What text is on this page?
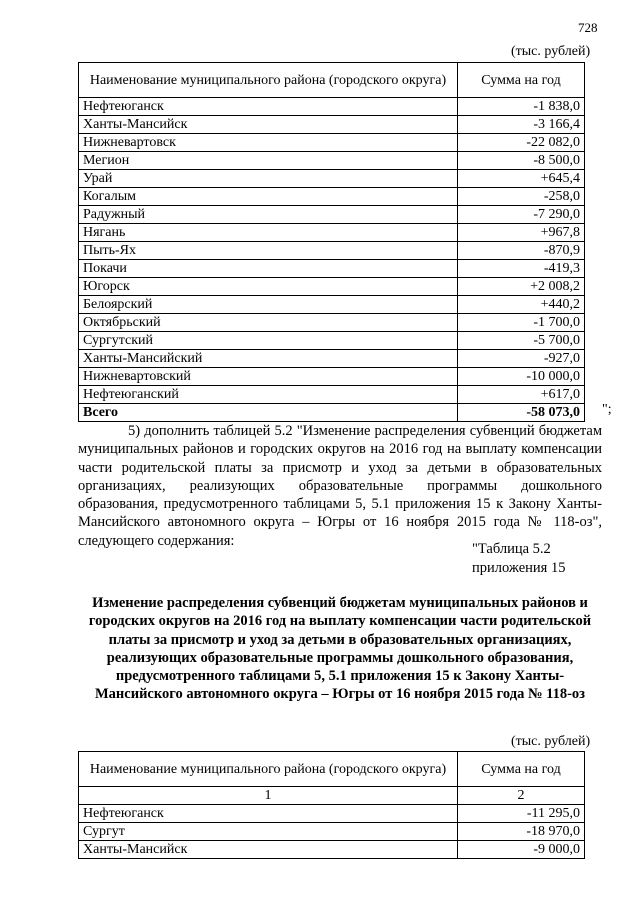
728
(тыс. рублей)
Наименование муниципального района (городского округа)	Сумма на год
Нефтеюганск	-1 838,0
Ханты-Мансийск	-3 166,4
Нижневартовск	-22 082,0
Мегион	-8 500,0
Урай	+645,4
Когалым	-258,0
Радужный	-7 290,0
Нягань	+967,8
Пыть-Ях	-870,9
Покачи	-419,3
Югорск	+2 008,2
Белоярский	+440,2
Октябрьский	-1 700,0
Сургутский	-5 700,0
Ханты-Мансийский	-927,0
Нижневартовский	-10 000,0
Нефтеюганский	+617,0
Всего	-58 073,0 ";
5) дополнить таблицей 5.2 "Изменение распределения субвенций бюджетам муниципальных районов и городских округов на 2016 год на выплату компенсации части родительской платы за присмотр и уход за детьми в образовательных организациях, реализующих образовательные программы дошкольного образования, предусмотренного таблицами 5, 5.1 приложения 15 к Закону Ханты-Мансийского автономного округа – Югры от 16 ноября 2015 года № 118-оз", следующего содержания:
"Таблица 5.2
приложения 15
Изменение распределения субвенций бюджетам муниципальных районов и городских округов на 2016 год на выплату компенсации части родительской платы за присмотр и уход за детьми в образовательных организациях, реализующих образовательные программы дошкольного образования, предусмотренного таблицами 5, 5.1 приложения 15 к Закону Ханты-Мансийского автономного округа – Югры от 16 ноября 2015 года № 118-оз
(тыс. рублей)
Наименование муниципального района (городского округа)	Сумма на год
1	2
Нефтеюганск	-11 295,0
Сургут	-18 970,0
Ханты-Мансийск	-9 000,0
